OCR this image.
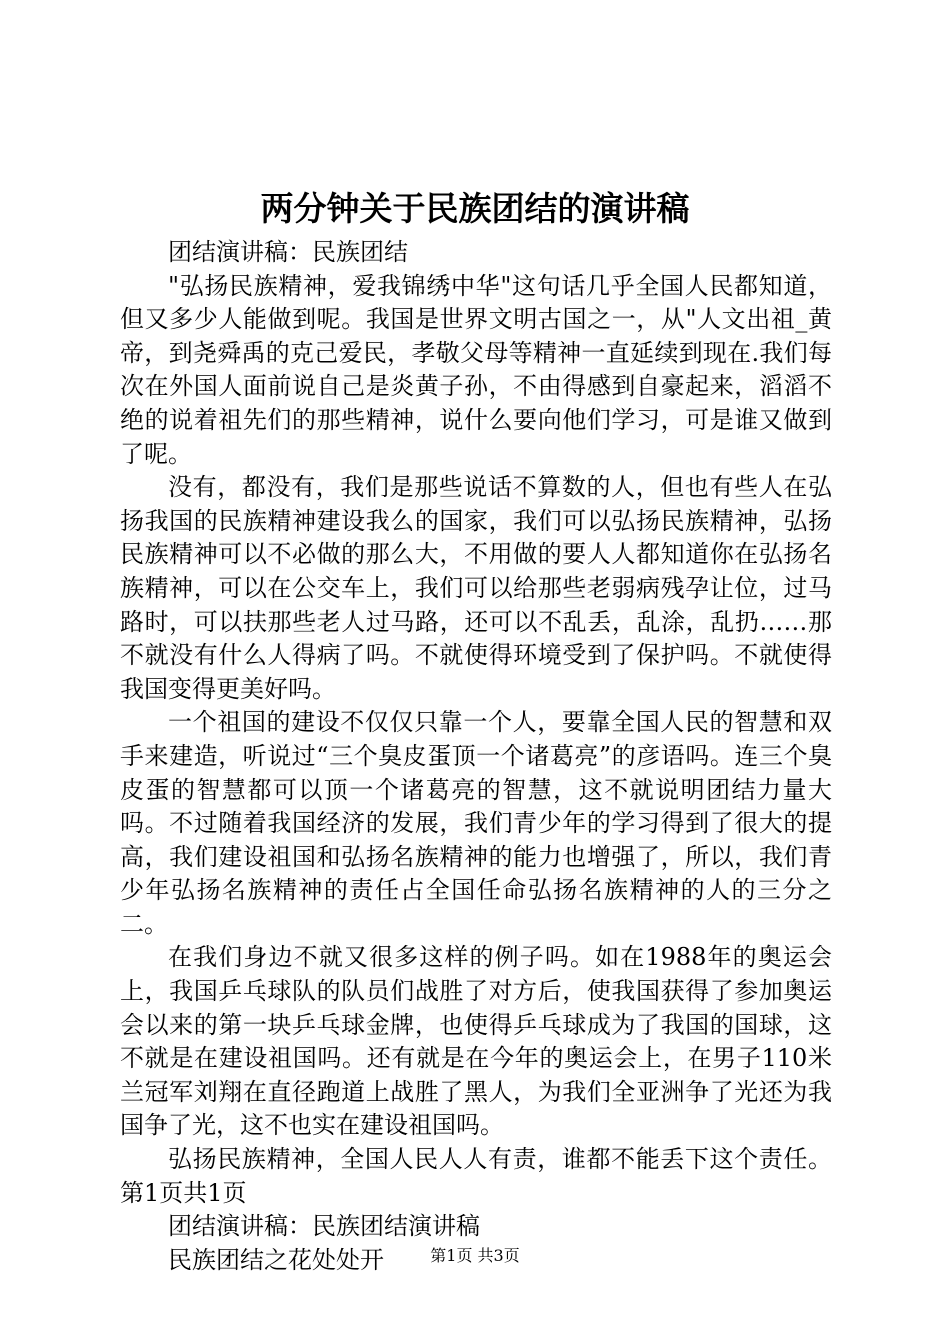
两分钟关于民族团结的演讲稿

团结演讲稿：民族团结

"弘扬民族精神，爱我锦绣中华"这句话几乎全国人民都知道，但又多少人能做到呢。我国是世界文明古国之一，从"人文出祖_黄帝，到尧舜禹的克己爱民，孝敬父母等精神一直延续到现在.我们每次在外国人面前说自己是炎黄子孙，不由得感到自豪起来，滔滔不绝的说着祖先们的那些精神，说什么要向他们学习，可是谁又做到了呢。

没有，都没有，我们是那些说话不算数的人，但也有些人在弘扬我国的民族精神建设我么的国家，我们可以弘扬民族精神，弘扬民族精神可以不必做的那么大，不用做的要人人都知道你在弘扬名族精神，可以在公交车上，我们可以给那些老弱病残孕让位，过马路时，可以扶那些老人过马路，还可以不乱丢，乱涂，乱扔……那不就没有什么人得病了吗。不就使得环境受到了保护吗。不就使得我国变得更美好吗。

一个祖国的建设不仅仅只靠一个人，要靠全国人民的智慧和双手来建造，听说过“三个臭皮蛋顶一个诸葛亮”的彦语吗。连三个臭皮蛋的智慧都可以顶一个诸葛亮的智慧，这不就说明团结力量大吗。不过随着我国经济的发展，我们青少年的学习得到了很大的提高，我们建设祖国和弘扬名族精神的能力也增强了，所以，我们青少年弘扬名族精神的责任占全国任命弘扬名族精神的人的三分之二。

在我们身边不就又很多这样的例子吗。如在1988年的奥运会上，我国乒乓球队的队员们战胜了对方后，使我国获得了参加奥运会以来的第一块乒乓球金牌，也使得乒乓球成为了我国的国球，这不就是在建设祖国吗。还有就是在今年的奥运会上，在男子110米兰冠军刘翔在直径跑道上战胜了黑人，为我们全亚洲争了光还为我国争了光，这不也实在建设祖国吗。

弘扬民族精神，全国人民人人有责，谁都不能丢下这个责任。第1页共1页

团结演讲稿：民族团结演讲稿

民族团结之花处处开	第1页 共3页
